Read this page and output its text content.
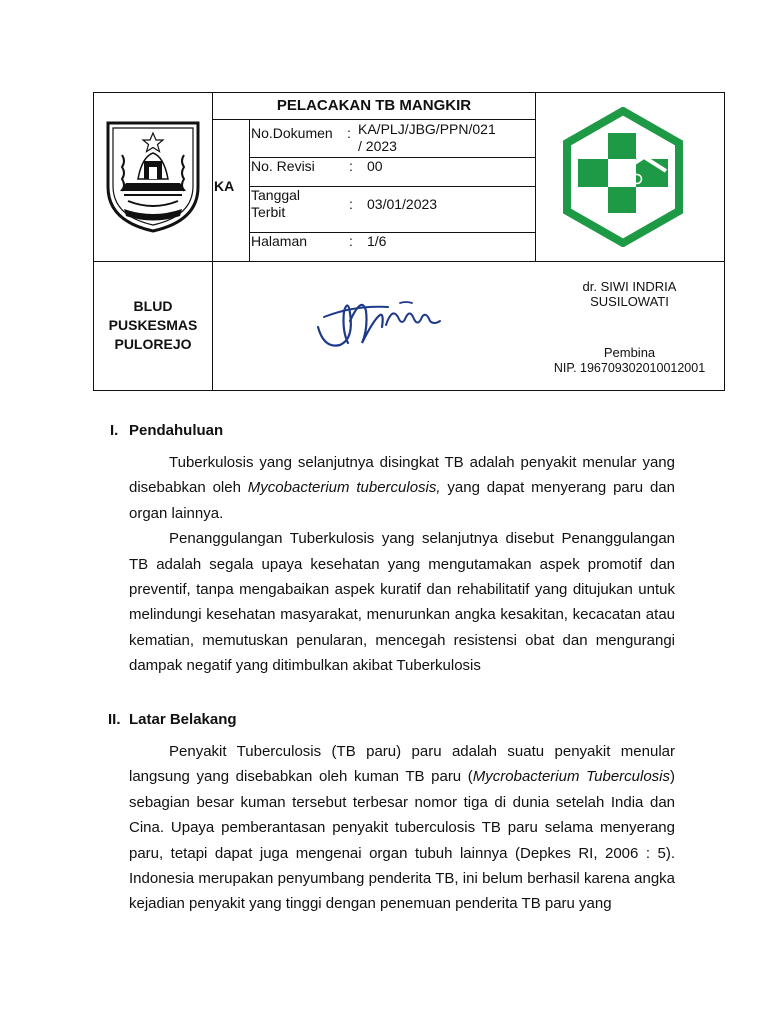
PELACAKAN TB MANGKIR
KA
No.Dokumen : KA/PLJ/JBG/PPN/021
/ 2023
No. Revisi : 00
Tanggal
Terbit	: 03/01/2023
Halaman	: 1/6
BLUD
PUSKESMAS
PULOREJO
dr. SIWI INDRIA
SUSILOWATI
Pembina
NIP. 196709302010012001
I. Pendahuluan

Tuberkulosis yang selanjutnya disingkat TB adalah penyakit menular yang disebabkan oleh Mycobacterium tuberculosis, yang dapat menyerang paru dan organ lainnya.

Penanggulangan Tuberkulosis yang selanjutnya disebut Penanggulangan TB adalah segala upaya kesehatan yang mengutamakan aspek promotif dan preventif, tanpa mengabaikan aspek kuratif dan rehabilitatif yang ditujukan untuk melindungi kesehatan masyarakat, menurunkan angka kesakitan, kecacatan atau kematian, memutuskan penularan, mencegah resistensi obat dan mengurangi dampak negatif yang ditimbulkan akibat Tuberkulosis

II. Latar Belakang

Penyakit Tuberculosis (TB paru) paru adalah suatu penyakit menular langsung yang disebabkan oleh kuman TB paru (Mycrobacterium Tuberculosis) sebagian besar kuman tersebut terbesar nomor tiga di dunia setelah India dan Cina. Upaya pemberantasan penyakit tuberculosis TB paru selama menyerang paru, tetapi dapat juga mengenai organ tubuh lainnya (Depkes RI, 2006 : 5). Indonesia merupakan penyumbang penderita TB, ini belum berhasil karena angka kejadian penyakit yang tinggi dengan penemuan penderita TB paru yang
